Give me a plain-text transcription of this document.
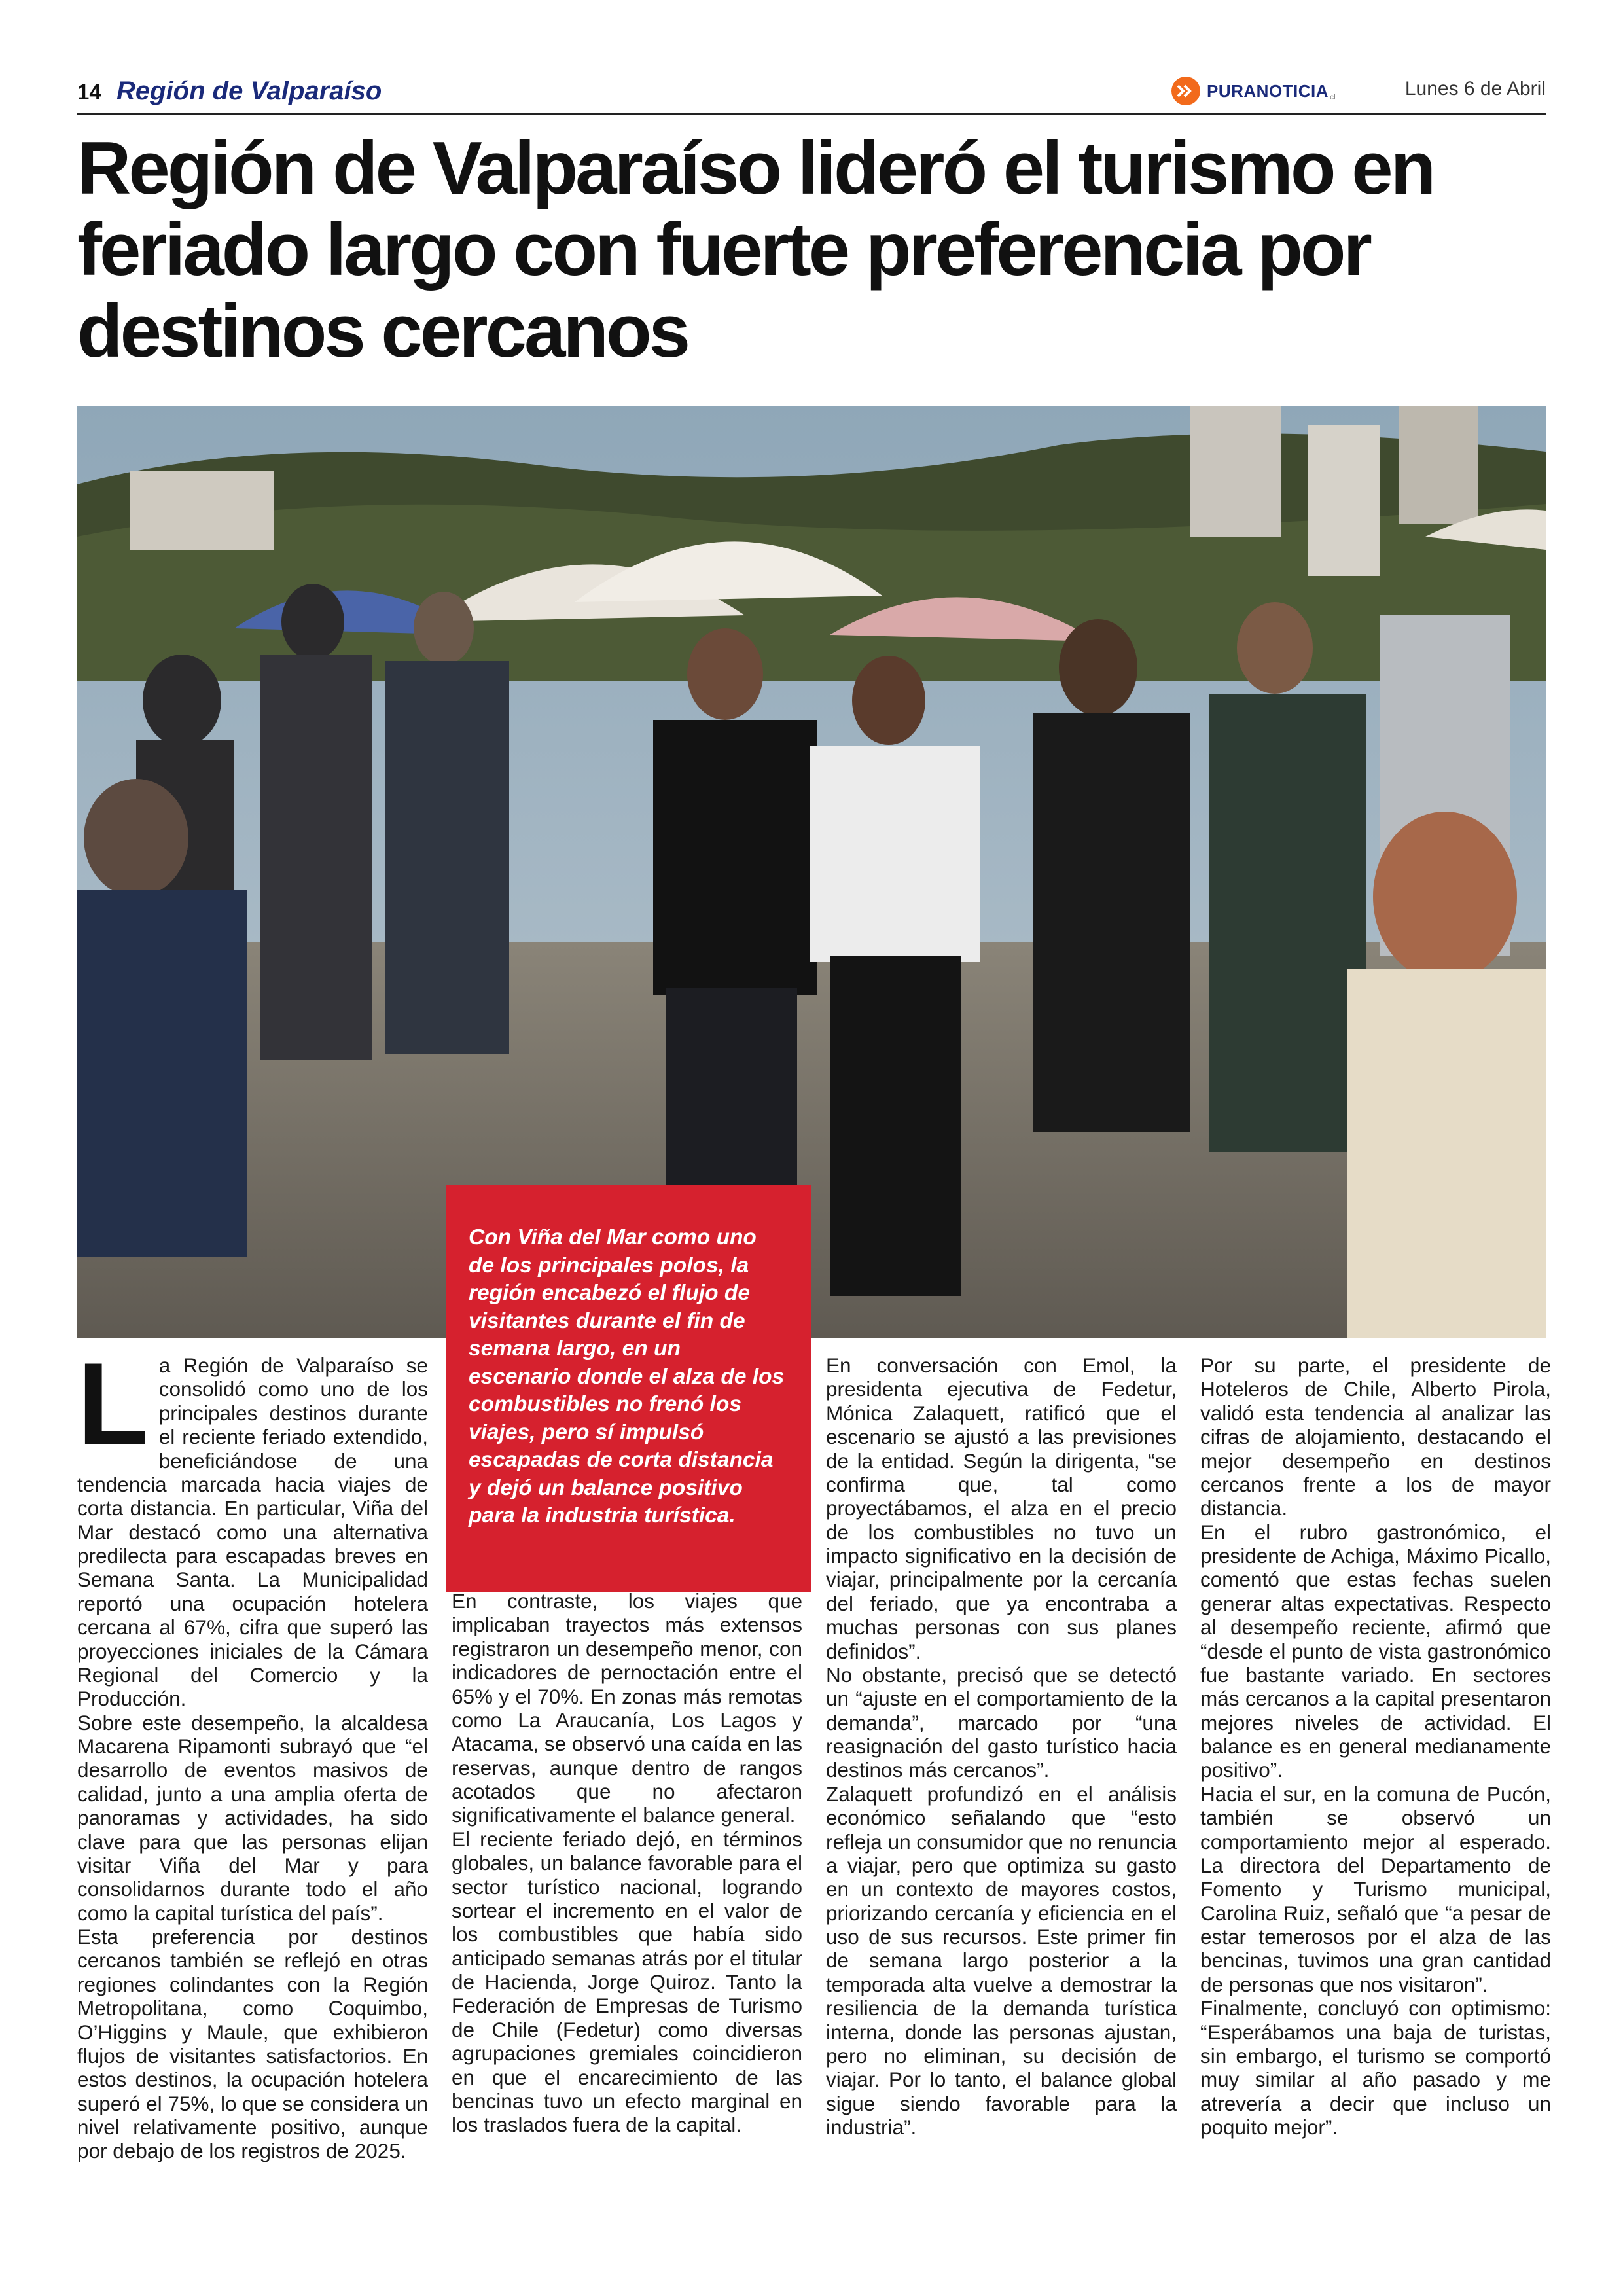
14 Región de Valparaíso	PURANOTICIA cl	Lunes 6 de Abril
Región de Valparaíso lideró el turismo en feriado largo con fuerte preferencia por destinos cercanos

Con Viña del Mar como uno de los principales polos, la región encabezó el flujo de visitantes durante el fin de semana largo, en un escenario donde el alza de los combustibles no frenó los viajes, pero sí impulsó escapadas de corta distancia y dejó un balance positivo para la industria turística.

La Región de Valparaíso se consolidó como uno de los principales destinos durante el reciente feriado extendido, beneficiándose de una tendencia marcada hacia viajes de corta distancia. En particular, Viña del Mar destacó como una alternativa predilecta para escapadas breves en Semana Santa. La Municipalidad reportó una ocupación hotelera cercana al 67%, cifra que superó las proyecciones iniciales de la Cámara Regional del Comercio y la Producción.

Sobre este desempeño, la alcaldesa Macarena Ripamonti subrayó que “el desarrollo de eventos masivos de calidad, junto a una amplia oferta de panoramas y actividades, ha sido clave para que las personas elijan visitar Viña del Mar y para consolidarnos durante todo el año como la capital turística del país”.

Esta preferencia por destinos cercanos también se reflejó en otras regiones colindantes con la Región Metropolitana, como Coquimbo, O’Higgins y Maule, que exhibieron flujos de visitantes satisfactorios. En estos destinos, la ocupación hotelera superó el 75%, lo que se considera un nivel relativamente positivo, aunque por debajo de los registros de 2025.

En contraste, los viajes que implicaban trayectos más extensos registraron un desempeño menor, con indicadores de pernoctación entre el 65% y el 70%. En zonas más remotas como La Araucanía, Los Lagos y Atacama, se observó una caída en las reservas, aunque dentro de rangos acotados que no afectaron significativamente el balance general.

El reciente feriado dejó, en términos globales, un balance favorable para el sector turístico nacional, logrando sortear el incremento en el valor de los combustibles que había sido anticipado semanas atrás por el titular de Hacienda, Jorge Quiroz. Tanto la Federación de Empresas de Turismo de Chile (Fedetur) como diversas agrupaciones gremiales coincidieron en que el encarecimiento de las bencinas tuvo un efecto marginal en los traslados fuera de la capital.

En conversación con Emol, la presidenta ejecutiva de Fedetur, Mónica Zalaquett, ratificó que el escenario se ajustó a las previsiones de la entidad. Según la dirigenta, “se confirma que, tal como proyectábamos, el alza en el precio de los combustibles no tuvo un impacto significativo en la decisión de viajar, principalmente por la cercanía del feriado, que ya encontraba a muchas personas con sus planes definidos”.

No obstante, precisó que se detectó un “ajuste en el comportamiento de la demanda”, marcado por “una reasignación del gasto turístico hacia destinos más cercanos”.

Zalaquett profundizó en el análisis económico señalando que “esto refleja un consumidor que no renuncia a viajar, pero que optimiza su gasto en un contexto de mayores costos, priorizando cercanía y eficiencia en el uso de sus recursos. Este primer fin de semana largo posterior a la temporada alta vuelve a demostrar la resiliencia de la demanda turística interna, donde las personas ajustan, pero no eliminan, su decisión de viajar. Por lo tanto, el balance global sigue siendo favorable para la industria”.

Por su parte, el presidente de Hoteleros de Chile, Alberto Pirola, validó esta tendencia al analizar las cifras de alojamiento, destacando el mejor desempeño en destinos cercanos frente a los de mayor distancia.

En el rubro gastronómico, el presidente de Achiga, Máximo Picallo, comentó que estas fechas suelen generar altas expectativas. Respecto al desempeño reciente, afirmó que “desde el punto de vista gastronómico fue bastante variado. En sectores más cercanos a la capital presentaron mejores niveles de actividad. El balance es en general medianamente positivo”.

Hacia el sur, en la comuna de Pucón, también se observó un comportamiento mejor al esperado. La directora del Departamento de Fomento y Turismo municipal, Carolina Ruiz, señaló que “a pesar de estar temerosos por el alza de las bencinas, tuvimos una gran cantidad de personas que nos visitaron”.

Finalmente, concluyó con optimismo: “Esperábamos una baja de turistas, sin embargo, el turismo se comportó muy similar al año pasado y me atrevería a decir que incluso un poquito mejor”.
